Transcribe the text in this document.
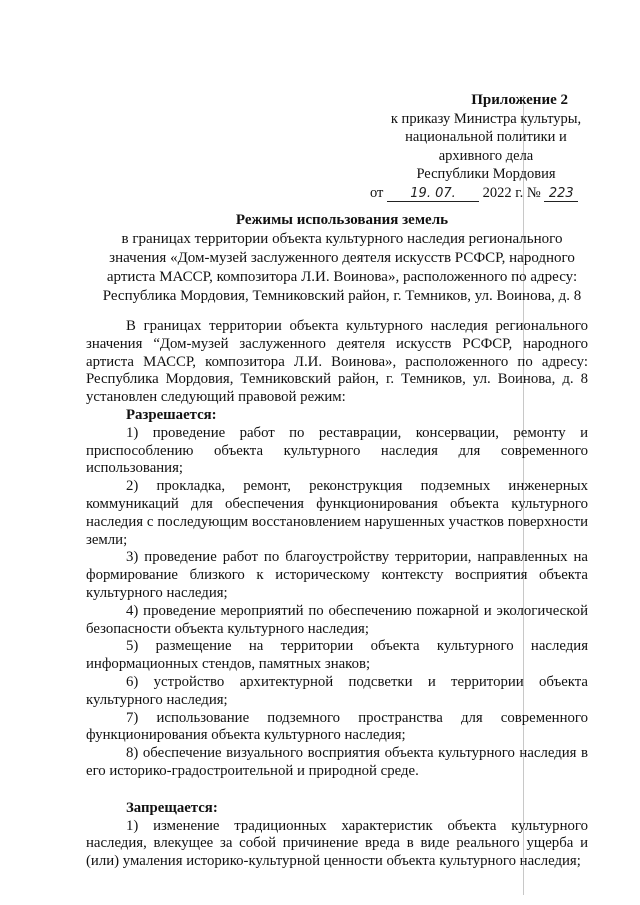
Приложение 2
к приказу Министра культуры,
национальной политики и
архивного дела
Республики Мордовия
от 19. 07. 2022 г. № 223
Режимы использования земель
в границах территории объекта культурного наследия регионального
значения «Дом-музей заслуженного деятеля искусств РСФСР, народного
артиста МАССР, композитора Л.И. Воинова», расположенного по адресу:
Республика Мордовия, Темниковский район, г. Темников, ул. Воинова, д. 8

В границах территории объекта культурного наследия регионального значения “Дом-музей заслуженного деятеля искусств РСФСР, народного артиста МАССР, композитора Л.И. Воинова», расположенного по адресу: Республика Мордовия, Темниковский район, г. Темников, ул. Воинова, д. 8 установлен следующий правовой режим:

Разрешается:

1) проведение работ по реставрации, консервации, ремонту и приспособлению объекта культурного наследия для современного использования;

2) прокладка, ремонт, реконструкция подземных инженерных коммуникаций для обеспечения функционирования объекта культурного наследия с последующим восстановлением нарушенных участков поверхности земли;

3) проведение работ по благоустройству территории, направленных на формирование близкого к историческому контексту восприятия объекта культурного наследия;

4) проведение мероприятий по обеспечению пожарной и экологической безопасности объекта культурного наследия;

5) размещение на территории объекта культурного наследия информационных стендов, памятных знаков;

6) устройство архитектурной подсветки и территории объекта культурного наследия;

7) использование подземного пространства для современного функционирования объекта культурного наследия;

8) обеспечение визуального восприятия объекта культурного наследия в его историко-градостроительной и природной среде.

Запрещается:

1) изменение традиционных характеристик объекта культурного наследия, влекущее за собой причинение вреда в виде реального ущерба и (или) умаления историко-культурной ценности объекта культурного наследия;
